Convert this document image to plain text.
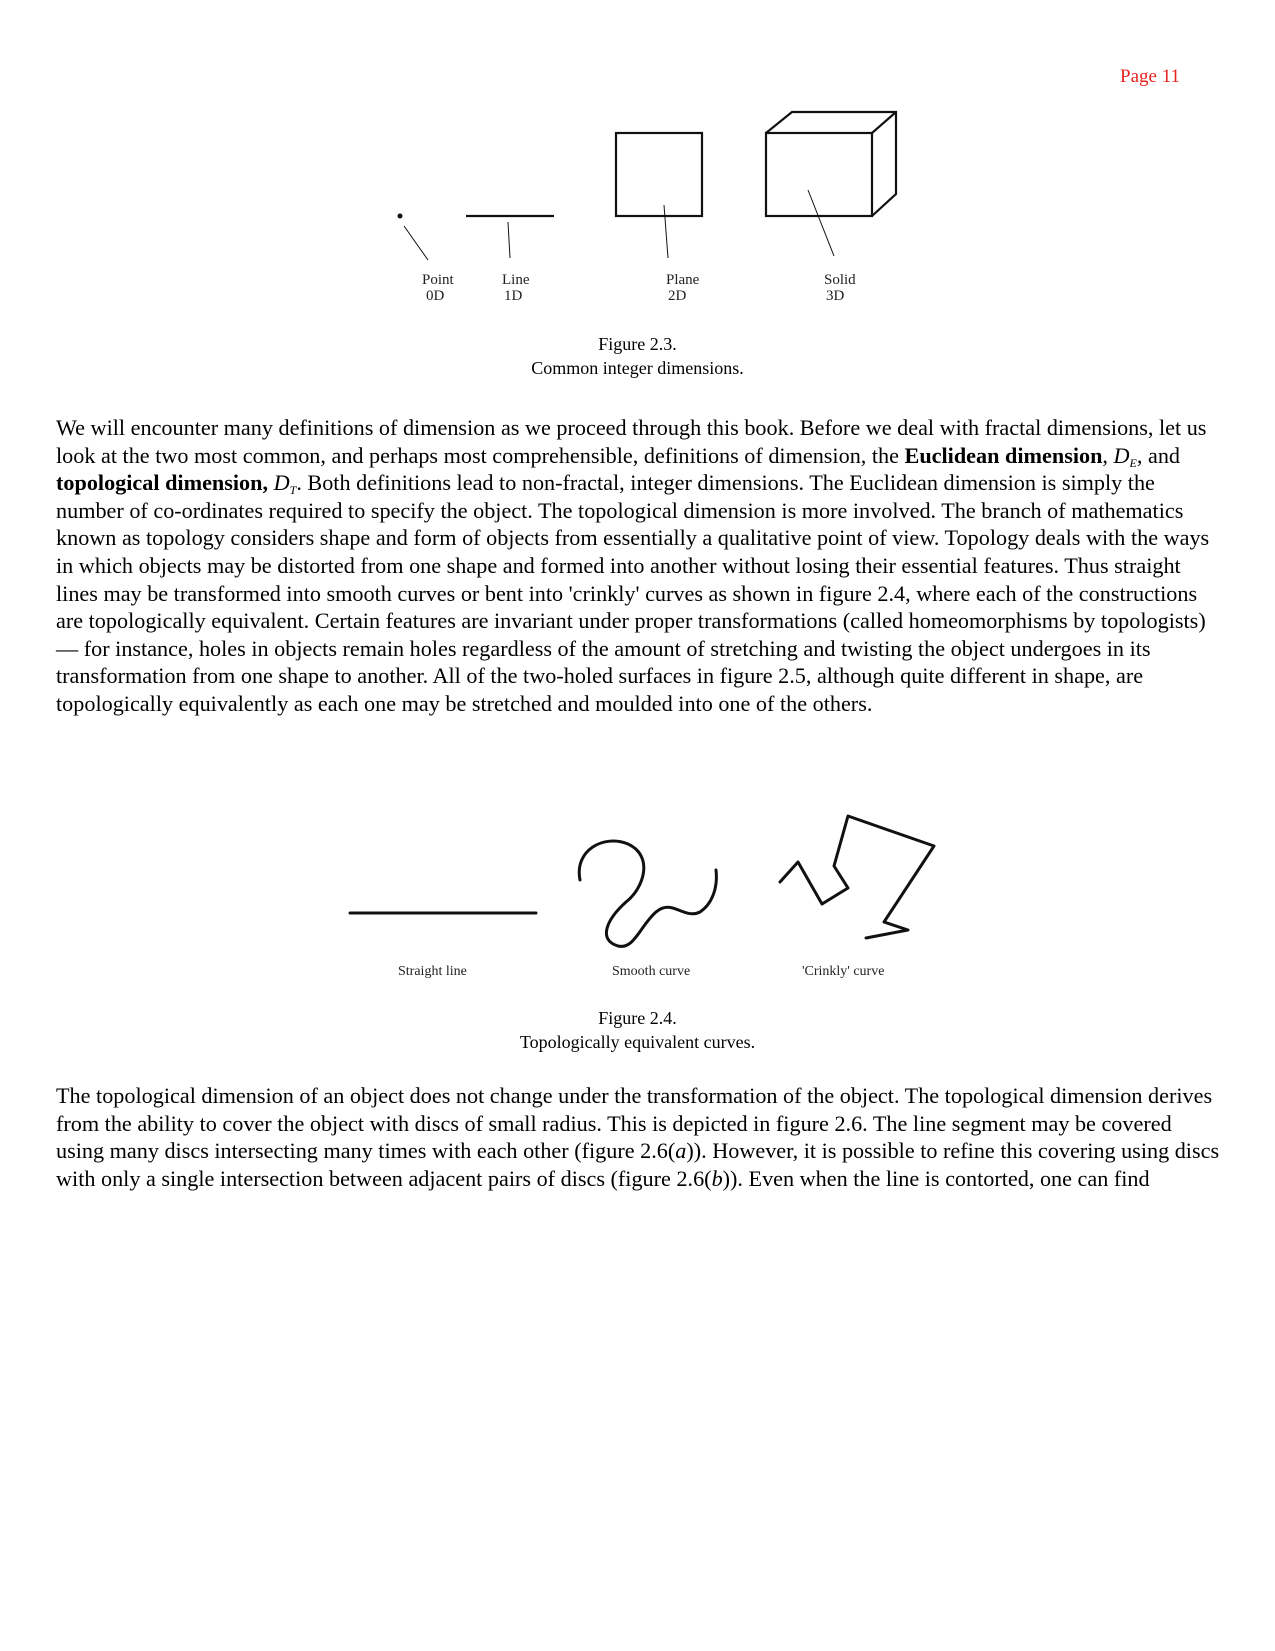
Page 11
Point
0D
Line
1D
Plane
2D
Solid
3D
Figure 2.3.
Common integer dimensions.

We will encounter many definitions of dimension as we proceed through this book. Before we deal with fractal dimensions, let us look at the two most common, and perhaps most comprehensible, definitions of dimension, the Euclidean dimension, $D_E$, and topological dimension, $D_T$. Both definitions lead to non-fractal, integer dimensions. The Euclidean dimension is simply the number of co-ordinates required to specify the object. The topological dimension is more involved. The branch of mathematics known as topology considers shape and form of objects from essentially a qualitative point of view. Topology deals with the ways in which objects may be distorted from one shape and formed into another without losing their essential features. Thus straight lines may be transformed into smooth curves or bent into 'crinkly' curves as shown in figure 2.4, where each of the constructions are topologically equivalent. Certain features are invariant under proper transformations (called homeomorphisms by topologists)— for instance, holes in objects remain holes regardless of the amount of stretching and twisting the object undergoes in its transformation from one shape to another. All of the two-holed surfaces in figure 2.5, although quite different in shape, are topologically equivalently as each one may be stretched and moulded into one of the others.

Straight line	Smooth curve	'Crinkly' curve
Figure 2.4.
Topologically equivalent curves.

The topological dimension of an object does not change under the transformation of the object. The topological dimension derives from the ability to cover the object with discs of small radius. This is depicted in figure 2.6. The line segment may be covered using many discs intersecting many times with each other (figure 2.6(a)). However, it is possible to refine this covering using discs with only a single intersection between adjacent pairs of discs (figure 2.6(b)). Even when the line is contorted, one can find
